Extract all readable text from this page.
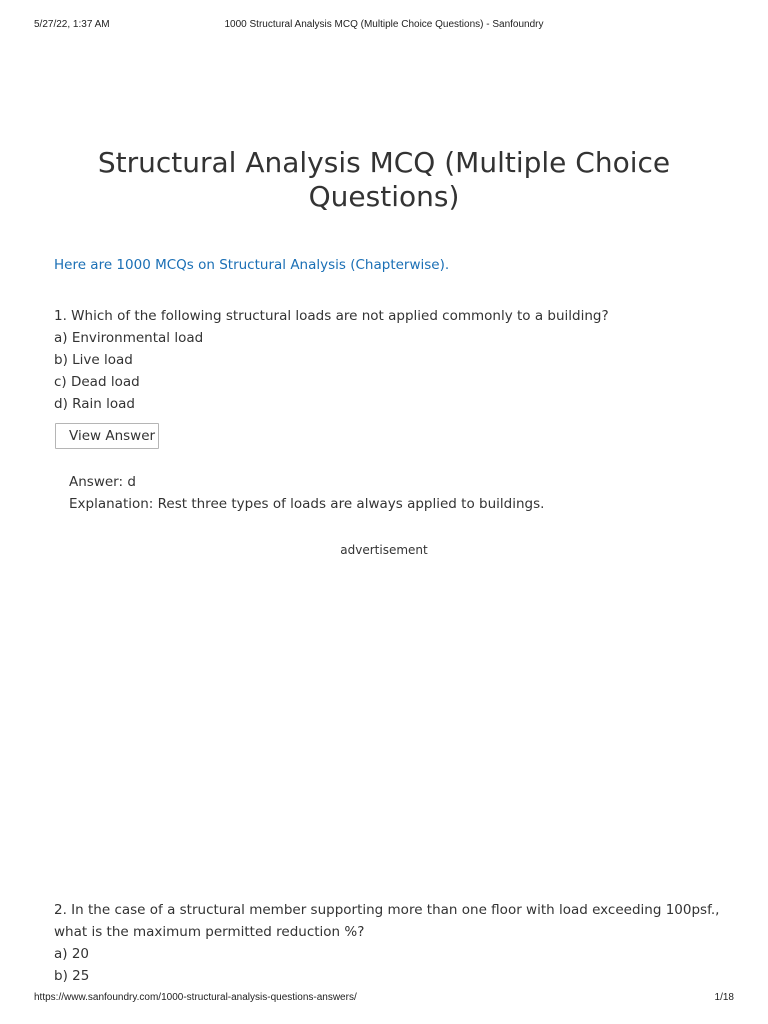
5/27/22, 1:37 AM	1000 Structural Analysis MCQ (Multiple Choice Questions) - Sanfoundry
Structural Analysis MCQ (Multiple Choice Questions)
Here are 1000 MCQs on Structural Analysis (Chapterwise).
1. Which of the following structural loads are not applied commonly to a building?
a) Environmental load
b) Live load
c) Dead load
d) Rain load
View Answer
Answer: d
Explanation: Rest three types of loads are always applied to buildings.
advertisement
2. In the case of a structural member supporting more than one floor with load exceeding 100psf.,
what is the maximum permitted reduction %?
a) 20
b) 25
https://www.sanfoundry.com/1000-structural-analysis-questions-answers/	1/18
